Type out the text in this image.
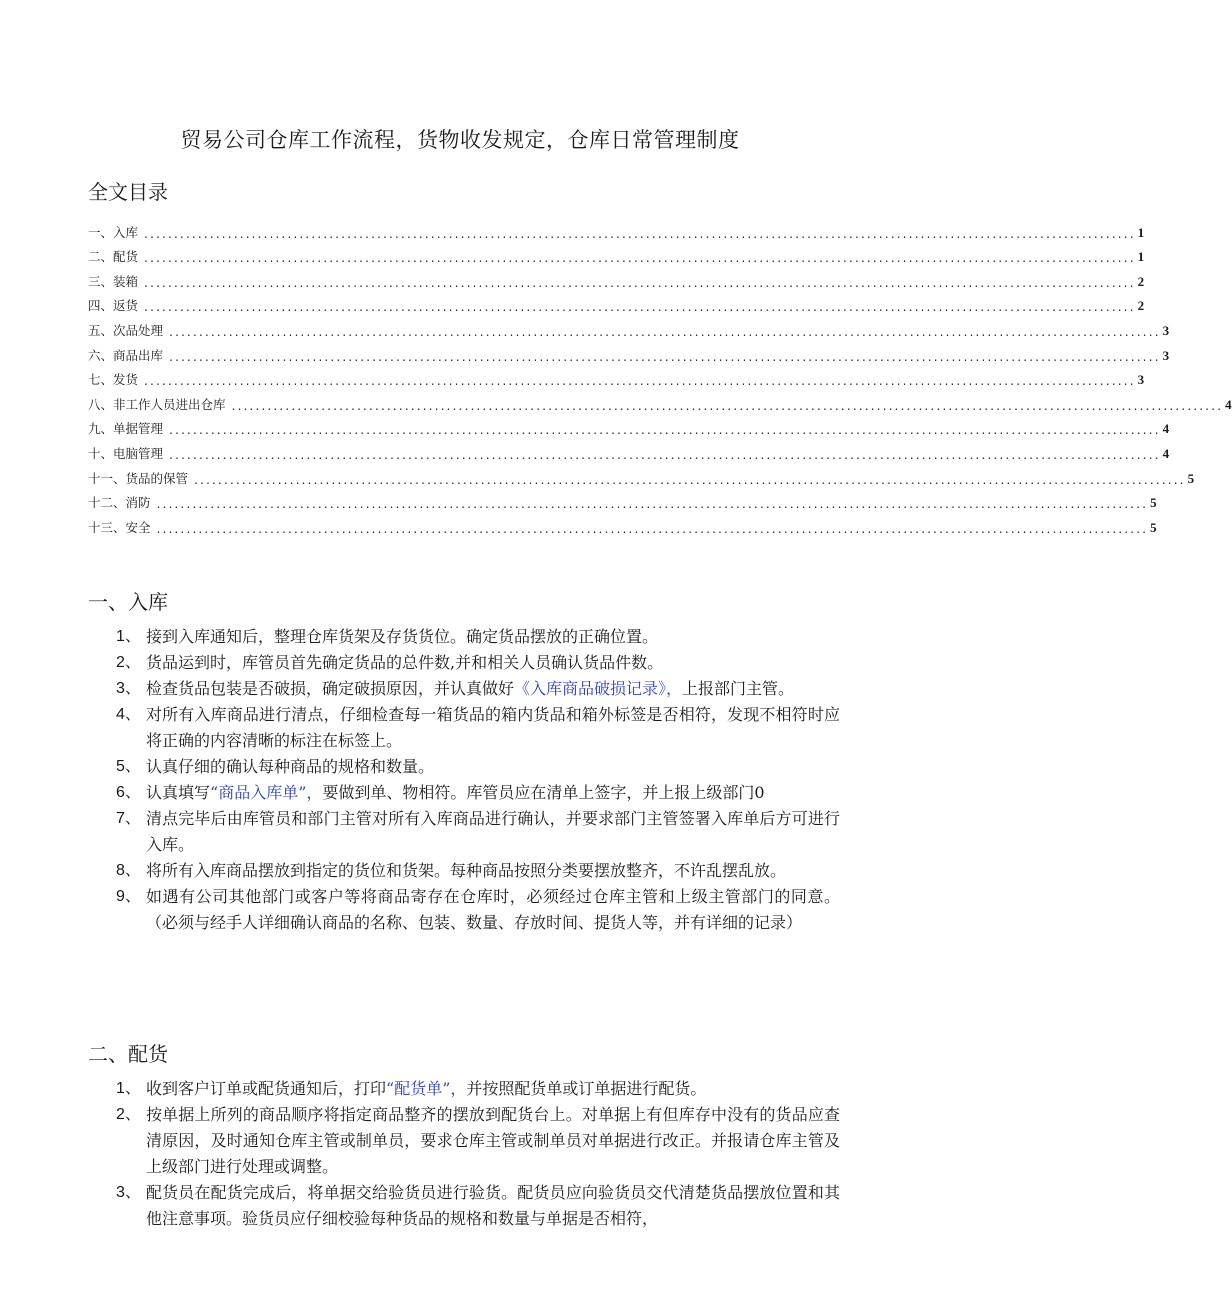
贸易公司仓库工作流程，货物收发规定，仓库日常管理制度
全文目录
一、入库 ...................................................................................................................................................................... 1
二、配货 ...................................................................................................................................................................... 1
三、装箱 ...................................................................................................................................................................... 2
四、返货 ...................................................................................................................................................................... 2
五、次品处理 ...................................................................................................................................................................... 3
六、商品出库 ...................................................................................................................................................................... 3
七、发货 ...................................................................................................................................................................... 3
八、非工作人员进出仓库 ...................................................................................................................................................................... 4
九、单据管理 ...................................................................................................................................................................... 4
十、电脑管理 ...................................................................................................................................................................... 4
十一、货品的保管 ...................................................................................................................................................................... 5
十二、消防 ...................................................................................................................................................................... 5
十三、安全 ...................................................................................................................................................................... 5
一、入库
1、 接到入库通知后，整理仓库货架及存货货位。确定货品摆放的正确位置。
2、 货品运到时，库管员首先确定货品的总件数,并和相关人员确认货品件数。
3、 检查货品包装是否破损，确定破损原因，并认真做好《入库商品破损记录》，上报部门主管。
4、 对所有入库商品进行清点，仔细检查每一箱货品的箱内货品和箱外标签是否相符，发现不相符时应将正确的内容清晰的标注在标签上。
5、 认真仔细的确认每种商品的规格和数量。
6、 认真填写“商品入库单”，要做到单、物相符。库管员应在清单上签字，并上报上级部门0
7、 清点完毕后由库管员和部门主管对所有入库商品进行确认，并要求部门主管签署入库单后方可进行入库。
8、 将所有入库商品摆放到指定的货位和货架。每种商品按照分类要摆放整齐，不许乱摆乱放。
9、 如遇有公司其他部门或客户等将商品寄存在仓库时，必须经过仓库主管和上级主管部门的同意。（必须与经手人详细确认商品的名称、包装、数量、存放时间、提货人等，并有详细的记录）
二、配货
1、 收到客户订单或配货通知后，打印“配货单”，并按照配货单或订单据进行配货。
2、 按单据上所列的商品顺序将指定商品整齐的摆放到配货台上。对单据上有但库存中没有的货品应查清原因，及时通知仓库主管或制单员，要求仓库主管或制单员对单据进行改正。并报请仓库主管及上级部门进行处理或调整。
3、 配货员在配货完成后，将单据交给验货员进行验货。配货员应向验货员交代清楚货品摆放位置和其他注意事项。验货员应仔细校验每种货品的规格和数量与单据是否相符，
